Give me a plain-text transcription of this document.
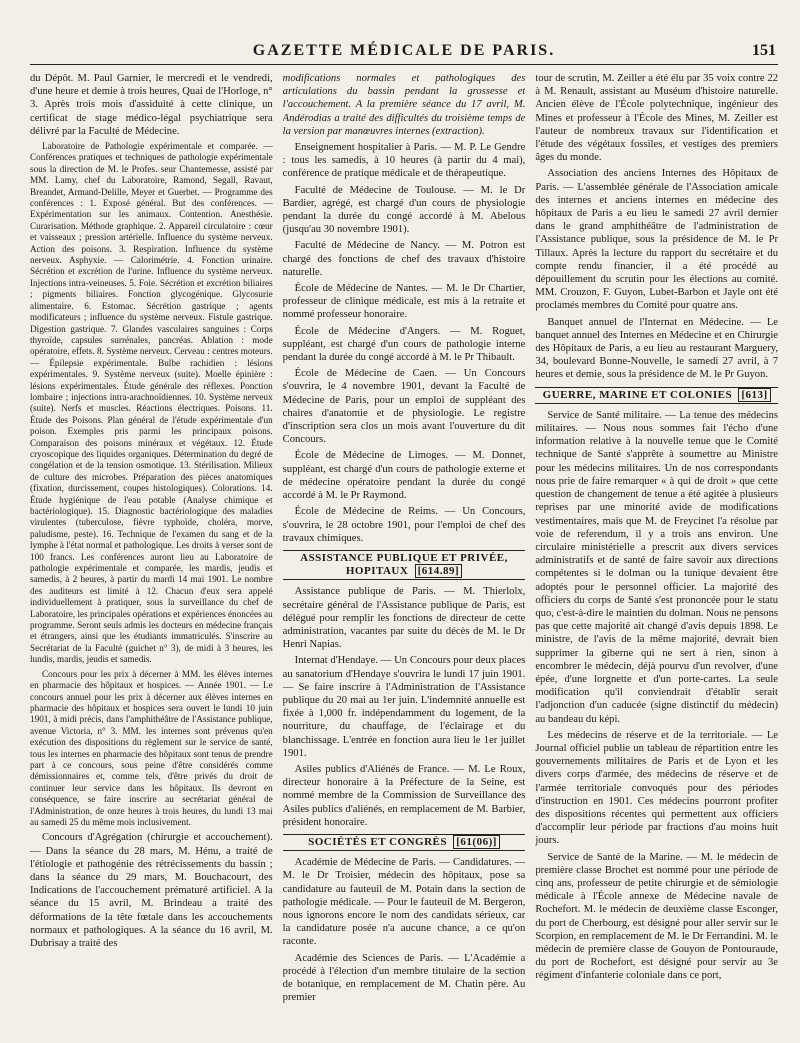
GAZETTE MÉDICALE DE PARIS.	151

du Dépôt. M. Paul Garnier, le mercredi et le vendredi, d'une heure et demie à trois heures, Quai de l'Horloge, n° 3. Après trois mois d'assiduité à cette clinique, un certificat de stage médico-légal psychiatrique sera délivré par la Faculté de Médecine.

Laboratoire de Pathologie expérimentale et comparée. — Conférences pratiques et techniques de pathologie expérimentale sous la direction de M. le Profes. seur Chantemesse, assisté par MM. Lamy, chef du Laboratoire, Ramond, Segall, Ravaut, Breandet, Armand-Delille, Meyer et Guerbet. — Programme des conférences : 1. Exposé général. But des conférences. — Expérimentation sur les animaux. Contention. Anesthésie. Curarisation. Méthode graphique. 2. Appareil circulatoire : cœur et vaisseaux ; pression artérielle. Influence du système nerveux. Action des poisons. 3. Respiration. Influence du système nerveux. Asphyxie. — Calorimétrie. 4. Fonction urinaire. Sécrétion et excrétion de l'urine. Influence du système nerveux. Injections intra-veineuses. 5. Foie. Sécrétion et excrétion biliaires ; pigments biliaires. Fonction glycogénique. Glycosurie alimentaire. 6. Estomac. Sécrétion gastrique ; agents modificateurs ; influence du système nerveux. Fistule gastrique. Digestion gastrique. 7. Glandes vasculaires sanguines : Corps thyroïde, capsules surrénales, pancréas. Ablation : mode opératoire, effets. 8. Système nerveux. Cerveau : centres moteurs. — Épilepsie expérimentale. Bulbe rachidien : lésions expérimentales. 9. Système nerveux (suite). Moelle épinière : lésions expérimentales. Étude générale des réflexes. Ponction lombaire ; injections intra-arachnoïdiennes. 10. Système nerveux (suite). Nerfs et muscles. Réactions électriques. Poisons. 11. Étude des Poisons. Plan général de l'étude expérimentale d'un poison. Exemples pris parmi les principaux poisons. Comparaison des poisons minéraux et végétaux. 12. Étude cryoscopique des liquides organiques. Détermination du degré de congélation et de la tension osmotique. 13. Stérilisation. Milieux de culture des microbes. Préparation des pièces anatomiques (fixation, durcissement, coupes histologiques). Colorations. 14. Étude hygiénique de l'eau potable (Analyse chimique et bactériologique). 15. Diagnostic bactériologique des maladies virulentes (tuberculose, fièvre typhoïde, choléra, morve, paludisme, peste). 16. Technique de l'examen du sang et de la lymphe à l'état normal et pathologique. Les droits à verser sont de 100 francs. Les conférences auront lieu au Laboratoire de pathologie expérimentale et comparée, les mardis, jeudis et samedis, à 2 heures, à partir du mardi 14 mai 1901. Le nombre des auditeurs est limité à 12. Chacun d'eux sera appelé individuellement à pratiquer, sous la surveillance du chef de Laboratoire, les principales opérations et expériences énoncées au programme. Seront seuls admis les docteurs en médecine français et étrangers, ainsi que les étudiants immatriculés. S'inscrire au Secrétariat de la Faculté (guichet n° 3), de midi à 3 heures, les lundis, mardis, jeudis et samedis.

Concours pour les prix à décerner à MM. les élèves internes en pharmacie des hôpitaux et hospices. — Année 1901. — Le concours annuel pour les prix à décerner aux élèves internes en pharmacie des hôpitaux et hospices sera ouvert le lundi 10 juin 1901, à midi précis, dans l'amphithéâtre de l'Assistance publique, avenue Victoria, n° 3. MM. les internes sont prévenus qu'en exécution des dispositions du règlement sur le service de santé, tous les internes en pharmacie des hôpitaux sont tenus de prendre part à ce concours, sous peine d'être considérés comme démissionnaires et, comme tels, d'être privés du droit de continuer leur service dans les hôpitaux. Ils devront en conséquence, se faire inscrire au secrétariat général de l'Administration, de onze heures à trois heures, du lundi 13 mai au samedi 25 du même mois inclusivement.

Concours d'Agrégation (chirurgie et accouchement). — Dans la séance du 28 mars, M. Hénu, a traité de l'étiologie et pathogénie des rétrécissements du bassin ; dans la séance du 29 mars, M. Bouchacourt, des Indications de l'accouchement prématuré artificiel. A la séance du 15 avril, M. Brindeau a traité des déformations de la tête fœtale dans les accouchements normaux et pathologiques. A la séance du 16 avril, M. Dubrisay a traité des

modifications normales et pathologiques des articulations du bassin pendant la grossesse et l'accouchement. A la première séance du 17 avril, M. Andérodias a traité des difficultés du troisième temps de la version par manœuvres internes (extraction).

Enseignement hospitalier à Paris. — M. P. Le Gendre : tous les samedis, à 10 heures (à partir du 4 mai), conférence de pratique médicale et de thérapeutique.

Faculté de Médecine de Toulouse. — M. le Dr Bardier, agrégé, est chargé d'un cours de physiologie pendant la durée du congé accordé à M. Abelous (jusqu'au 30 novembre 1901).

Faculté de Médecine de Nancy. — M. Potron est chargé des fonctions de chef des travaux d'histoire naturelle.

École de Médecine de Nantes. — M. le Dr Chartier, professeur de clinique médicale, est mis à la retraite et nommé professeur honoraire.

École de Médecine d'Angers. — M. Roguet, suppléant, est chargé d'un cours de pathologie interne pendant la durée du congé accordé à M. le Pr Thibault.

École de Médecine de Caen. — Un Concours s'ouvrira, le 4 novembre 1901, devant la Faculté de Médecine de Paris, pour un emploi de suppléant des chaires d'anatomie et de physiologie. Le registre d'inscription sera clos un mois avant l'ouverture du dit Concours.

École de Médecine de Limoges. — M. Donnet, suppléant, est chargé d'un cours de pathologie externe et de médecine opératoire pendant la durée du congé accordé à M. le Pr Raymond.

École de Médecine de Reims. — Un Concours, s'ouvrira, le 28 octobre 1901, pour l'emploi de chef des travaux chimiques.

ASSISTANCE PUBLIQUE ET PRIVÉE, HOPITAUX [614.89]

Assistance publique de Paris. — M. Thierlolx, secrétaire général de l'Assistance publique de Paris, est délégué pour remplir les fonctions de directeur de cette administration, vacantes par suite du décès de M. le Dr Henri Napias.

Internat d'Hendaye. — Un Concours pour deux places au sanatorium d'Hendaye s'ouvrira le lundi 17 juin 1901. — Se faire inscrire à l'Administration de l'Assistance publique du 20 mai au 1er juin. L'indemnité annuelle est fixée à 1,000 fr. indépendamment du logement, de la nourriture, du chauffage, de l'éclairage et du blanchissage. L'entrée en fonction aura lieu le 1er juillet 1901.

Asiles publics d'Aliénés de France. — M. Le Roux, directeur honoraire à la Préfecture de la Seine, est nommé membre de la Commission de Surveillance des Asiles publics d'aliénés, en remplacement de M. Barbier, président honoraire.

SOCIÉTÉS ET CONGRÈS [61(06)]

Académie de Médecine de Paris. — Candidatures. — M. le Dr Troisier, médecin des hôpitaux, pose sa candidature au fauteuil de M. Potain dans la section de pathologie médicale. — Pour le fauteuil de M. Bergeron, nous ignorons encore le nom des candidats sérieux, car la candidature posée n'a aucune chance, a ce qu'on raconte.

Académie des Sciences de Paris. — L'Académie a procédé à l'élection d'un membre titulaire de la section de botanique, en remplacement de M. Chatin père. Au premier

tour de scrutin, M. Zeiller a été élu par 35 voix contre 22 à M. Renault, assistant au Muséum d'histoire naturelle. Ancien élève de l'École polytechnique, ingénieur des Mines et professeur à l'École des Mines, M. Zeiller est l'auteur de nombreux travaux sur l'identification et l'étude des végétaux fossiles, et vestiges des premiers âges du monde.

Association des anciens Internes des Hôpitaux de Paris. — L'assemblée générale de l'Association amicale des internes et anciens internes en médecine des hôpitaux de Paris a eu lieu le samedi 27 avril dernier dans le grand amphithéâtre de l'administration de l'Assistance publique, sous la présidence de M. le Pr Tillaux. Après la lecture du rapport du secrétaire et du compte rendu financier, il a été procédé au dépouillement du scrutin pour les élections au comité. MM. Crouzon, F. Guyon, Lubet-Barbon et Jayle ont été proclamés membres du Comité pour quatre ans.

Banquet annuel de l'Internat en Médecine. — Le banquet annuel des Internes en Médecine et en Chirurgie des Hôpitaux de Paris, a eu lieu au restaurant Marguery, 34, boulevard Bonne-Nouvelle, le samedi 27 avril, à 7 heures et demie, sous la présidence de M. le Pr Guyon.

GUERRE, MARINE ET COLONIES [613]

Service de Santé militaire. — La tenue des médecins militaires. — Nous nous sommes fait l'écho d'une information relative à la nouvelle tenue que le Comité technique de Santé s'apprête à soumettre au Ministre pour les médecins militaires. Un de nos correspondants nous prie de faire remarquer « à qui de droit » que cette question de changement de tenue a été agitée à plusieurs reprises par une minorité avide de modifications vestimentaires, mais que M. de Freycinet l'a résolue par voie de referendum, il y a trois ans environ. Une circulaire ministérielle a prescrit aux divers services administratifs et de santé de faire savoir aux directions compétentes si le dolman ou la tunique devaient être adoptés pour le personnel officier. La majorité des officiers du corps de Santé s'est prononcée pour le statu quo, c'est-à-dire le maintien du dolman. Nous ne pensons pas que cette majorité ait changé d'avis depuis 1898. Le ministre, de l'avis de la même majorité, devrait bien supprimer la giberne qui ne sert à rien, sinon à encombrer le médecin, déjà pourvu d'un revolver, d'une épée, d'une lorgnette et d'un porte-cartes. La seule modification qu'il conviendrait d'établir serait l'adjonction d'un caducée (signe distinctif du médecin) au bandeau du képi.

Les médecins de réserve et de la territoriale. — Le Journal officiel publie un tableau de répartition entre les gouvernements militaires de Paris et de Lyon et les divers corps d'armée, des médecins de réserve et de l'armée territoriale convoqués pour des périodes d'instruction en 1901. Ces médecins pourront profiter des dispositions récentes qui permettent aux officiers d'accomplir leur période par fractions d'au moins huit jours.

Service de Santé de la Marine. — M. le médecin de première classe Brochet est nommé pour une période de cinq ans, professeur de petite chirurgie et de sémiologie médicale à l'École annexe de Médecine navale de Rochefort. M. le médecin de deuxième classe Esconger, du port de Cherbourg, est désigné pour aller servir sur le Scorpion, en remplacement de M. le Dr Ferrandini. M. le médecin de première classe de Gouyon de Pontouraude, du port de Rochefort, est désigné pour servir au 3e régiment d'infanterie coloniale dans ce port,
